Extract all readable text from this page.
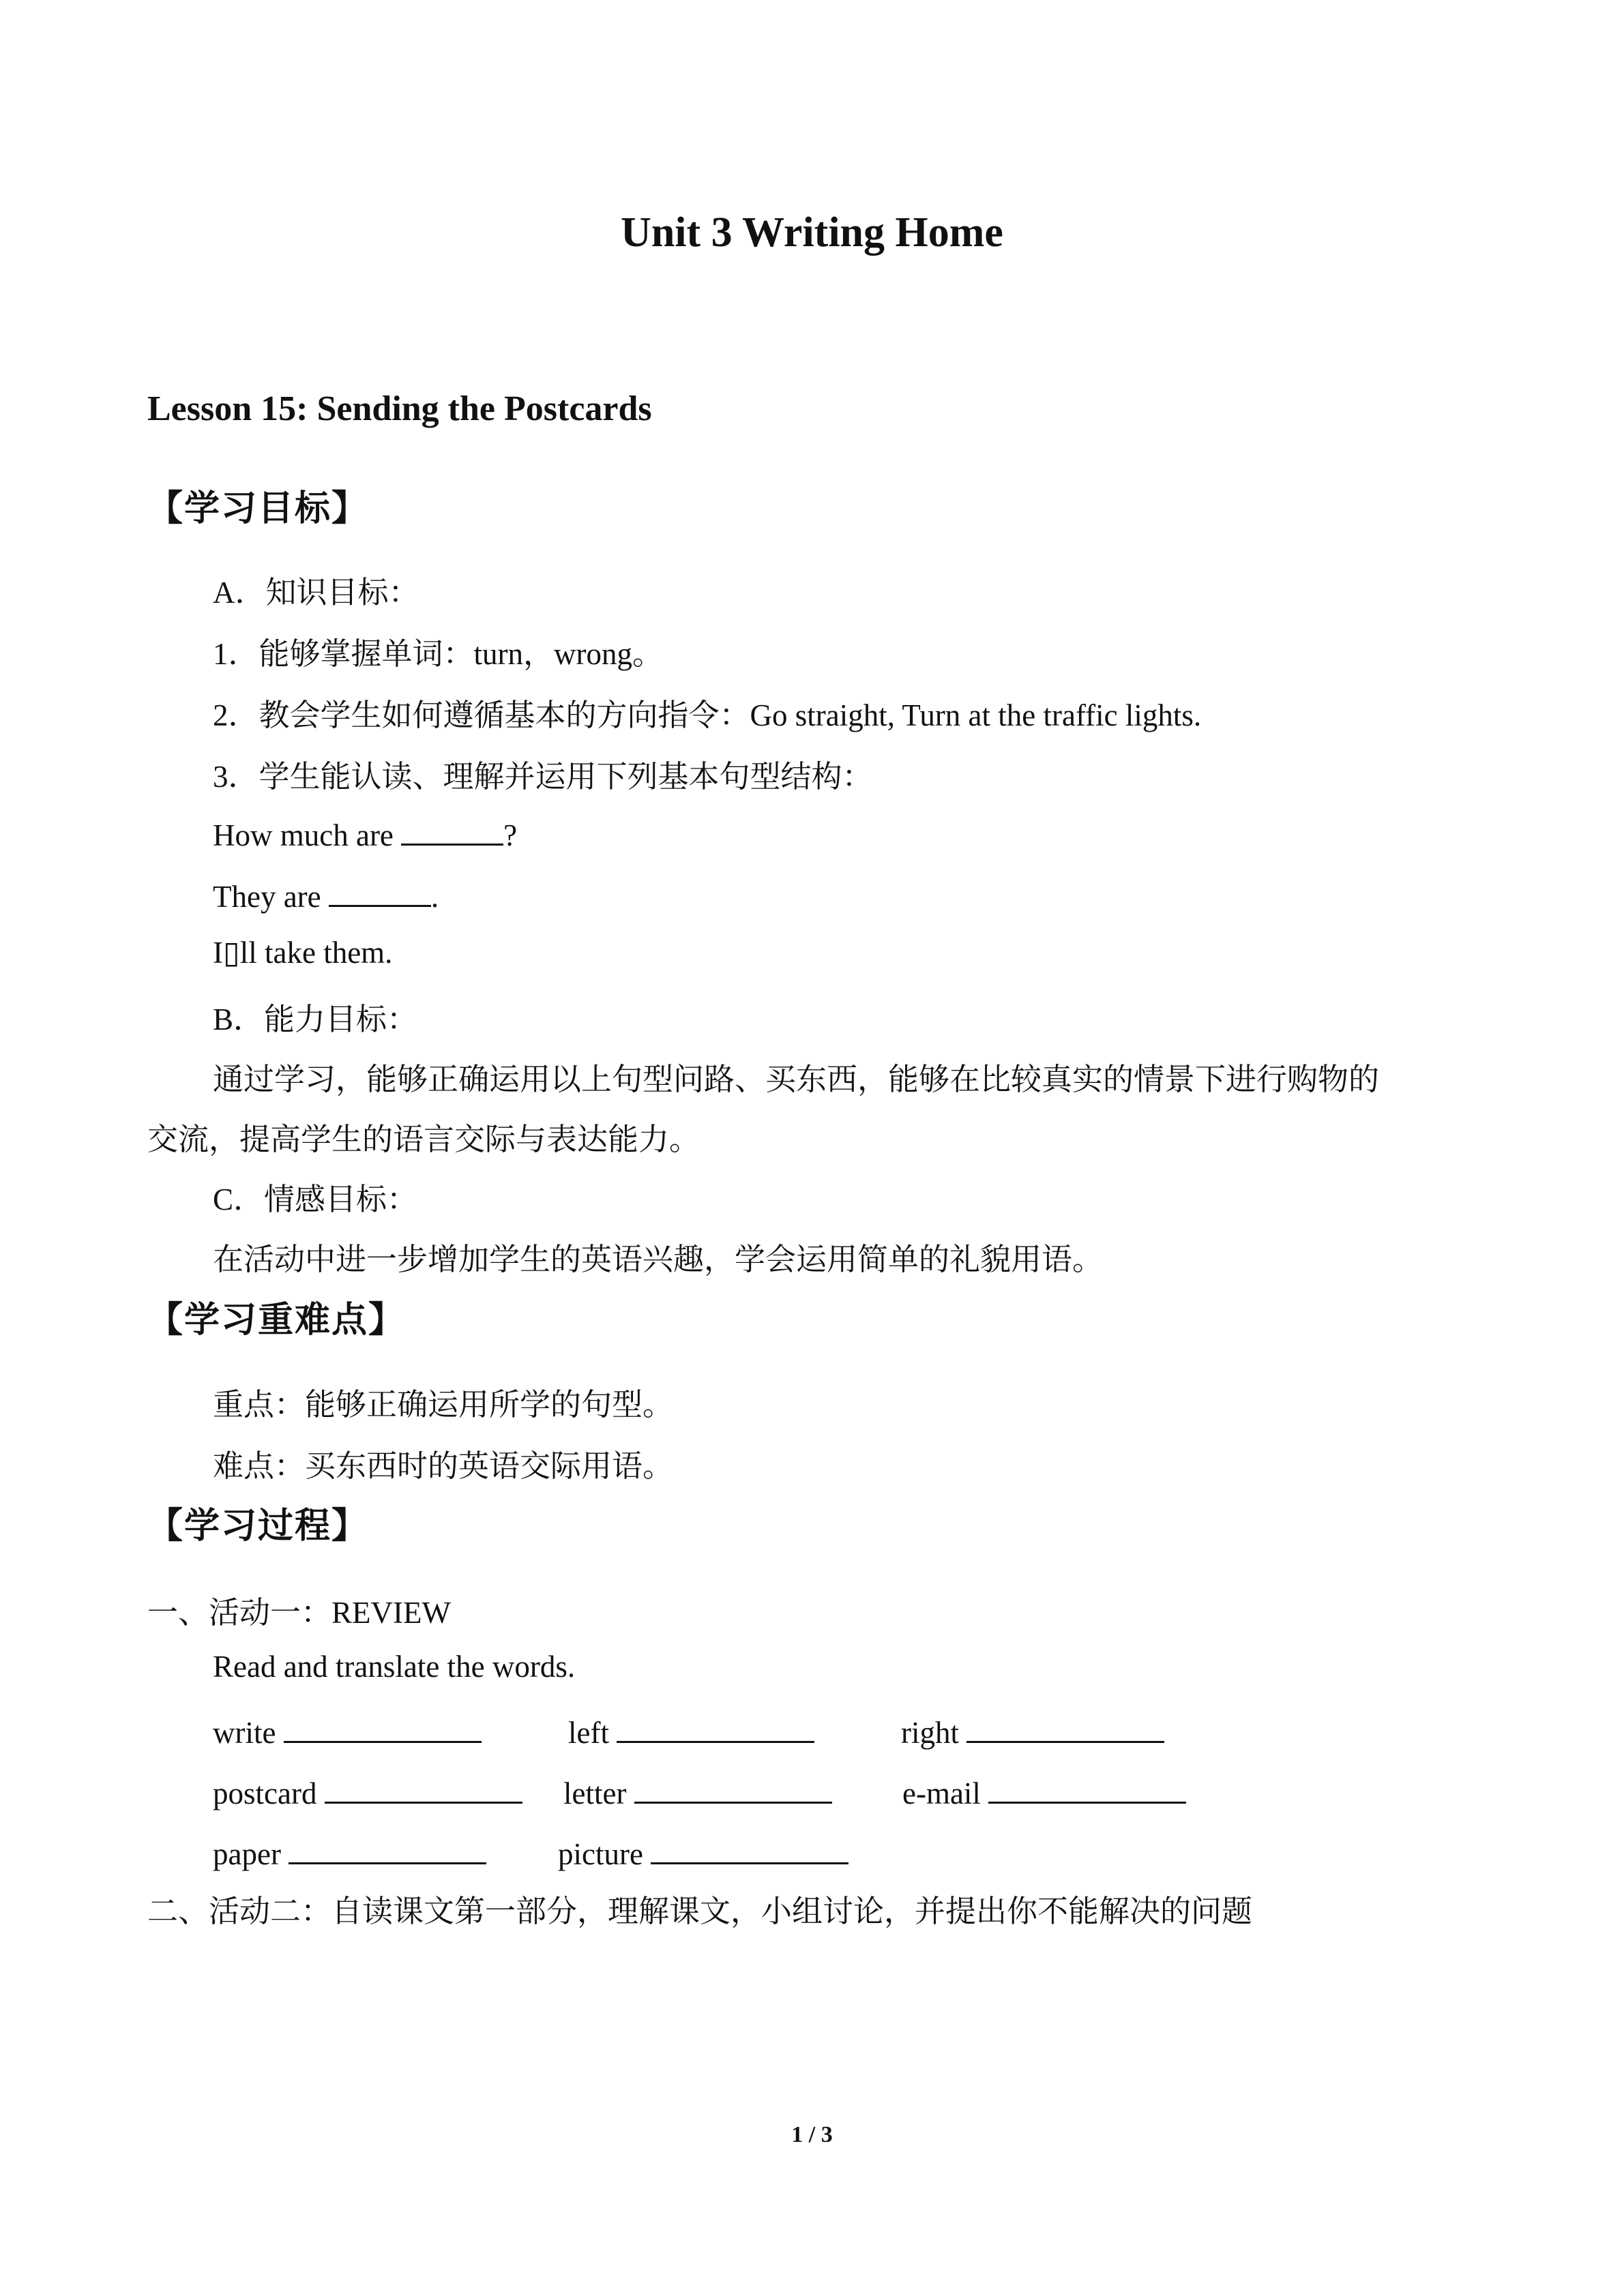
Unit 3 Writing Home
Lesson 15: Sending the Postcards
【学习目标】
A．知识目标：
1．能够掌握单词：turn，wrong。
2．教会学生如何遵循基本的方向指令：Go straight, Turn at the traffic lights.
3．学生能认读、理解并运用下列基本句型结构：
How much are	?
They are	.
I▯ll take them.
B．能力目标：
通过学习，能够正确运用以上句型问路、买东西，能够在比较真实的情景下进行购物的
交流，提高学生的语言交际与表达能力。
C．情感目标：
在活动中进一步增加学生的英语兴趣，学会运用简单的礼貌用语。
【学习重难点】
重点：能够正确运用所学的句型。
难点：买东西时的英语交际用语。
【学习过程】
一、活动一：REVIEW
Read and translate the words.
write	left	right
postcard	letter	e-mail
paper	picture
二、活动二：自读课文第一部分，理解课文，小组讨论，并提出你不能解决的问题
1 / 3
